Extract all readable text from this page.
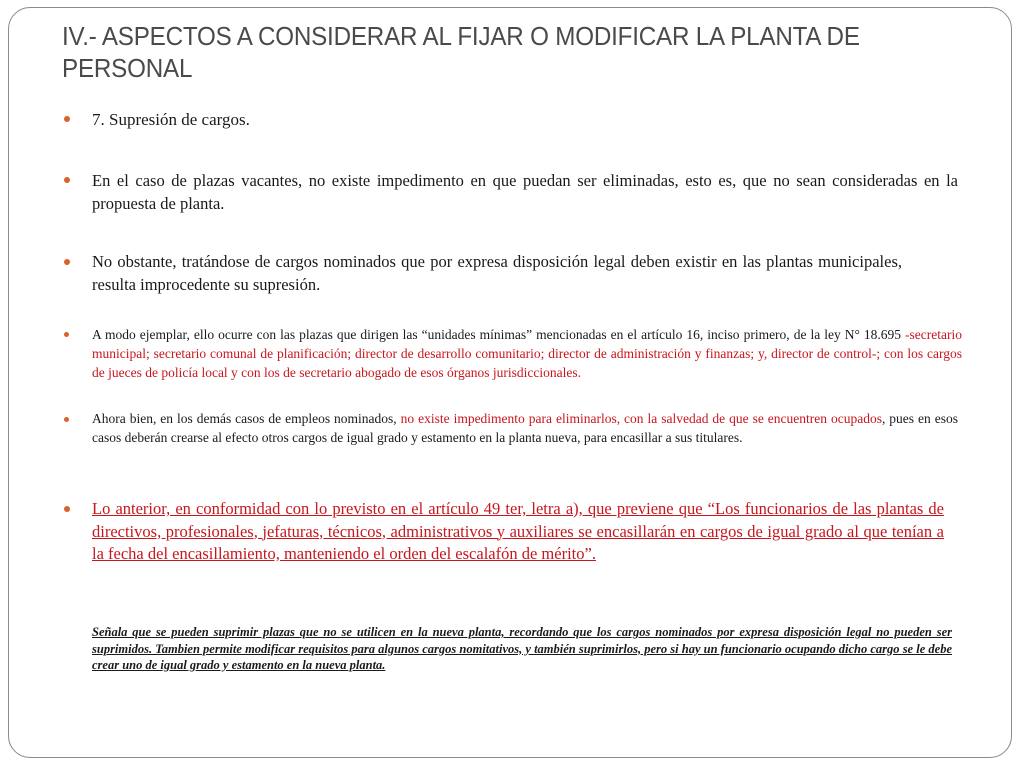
IV.- ASPECTOS A CONSIDERAR AL FIJAR O MODIFICAR LA PLANTA DE PERSONAL
7. Supresión de cargos.
En el caso de plazas vacantes, no existe impedimento en que puedan ser eliminadas, esto es, que no sean consideradas en la propuesta de planta.
No obstante, tratándose de cargos nominados que por expresa disposición legal deben existir en las plantas municipales, resulta improcedente su supresión.
A modo ejemplar, ello ocurre con las plazas que dirigen las “unidades mínimas” mencionadas en el artículo 16, inciso primero, de la ley N° 18.695 -secretario municipal; secretario comunal de planificación; director de desarrollo comunitario; director de administración y finanzas; y, director de control-; con los cargos de jueces de policía local y con los de secretario abogado de esos órganos jurisdiccionales.
Ahora bien, en los demás casos de empleos nominados, no existe impedimento para eliminarlos, con la salvedad de que se encuentren ocupados, pues en esos casos deberán crearse al efecto otros cargos de igual grado y estamento en la planta nueva, para encasillar a sus titulares.
Lo anterior, en conformidad con lo previsto en el artículo 49 ter, letra a), que previene que “Los funcionarios de las plantas de directivos, profesionales, jefaturas, técnicos, administrativos y auxiliares se encasillarán en cargos de igual grado al que tenían a la fecha del encasillamiento, manteniendo el orden del escalafón de mérito”.
Señala que se pueden suprimir plazas que no se utilicen en la nueva planta, recordando que los cargos nominados por expresa disposición legal no pueden ser suprimidos. Tambien permite modificar requisitos para algunos cargos nomitativos, y también suprimirlos, pero si hay un funcionario ocupando dicho cargo se le debe crear uno de igual grado y estamento en la nueva planta.
